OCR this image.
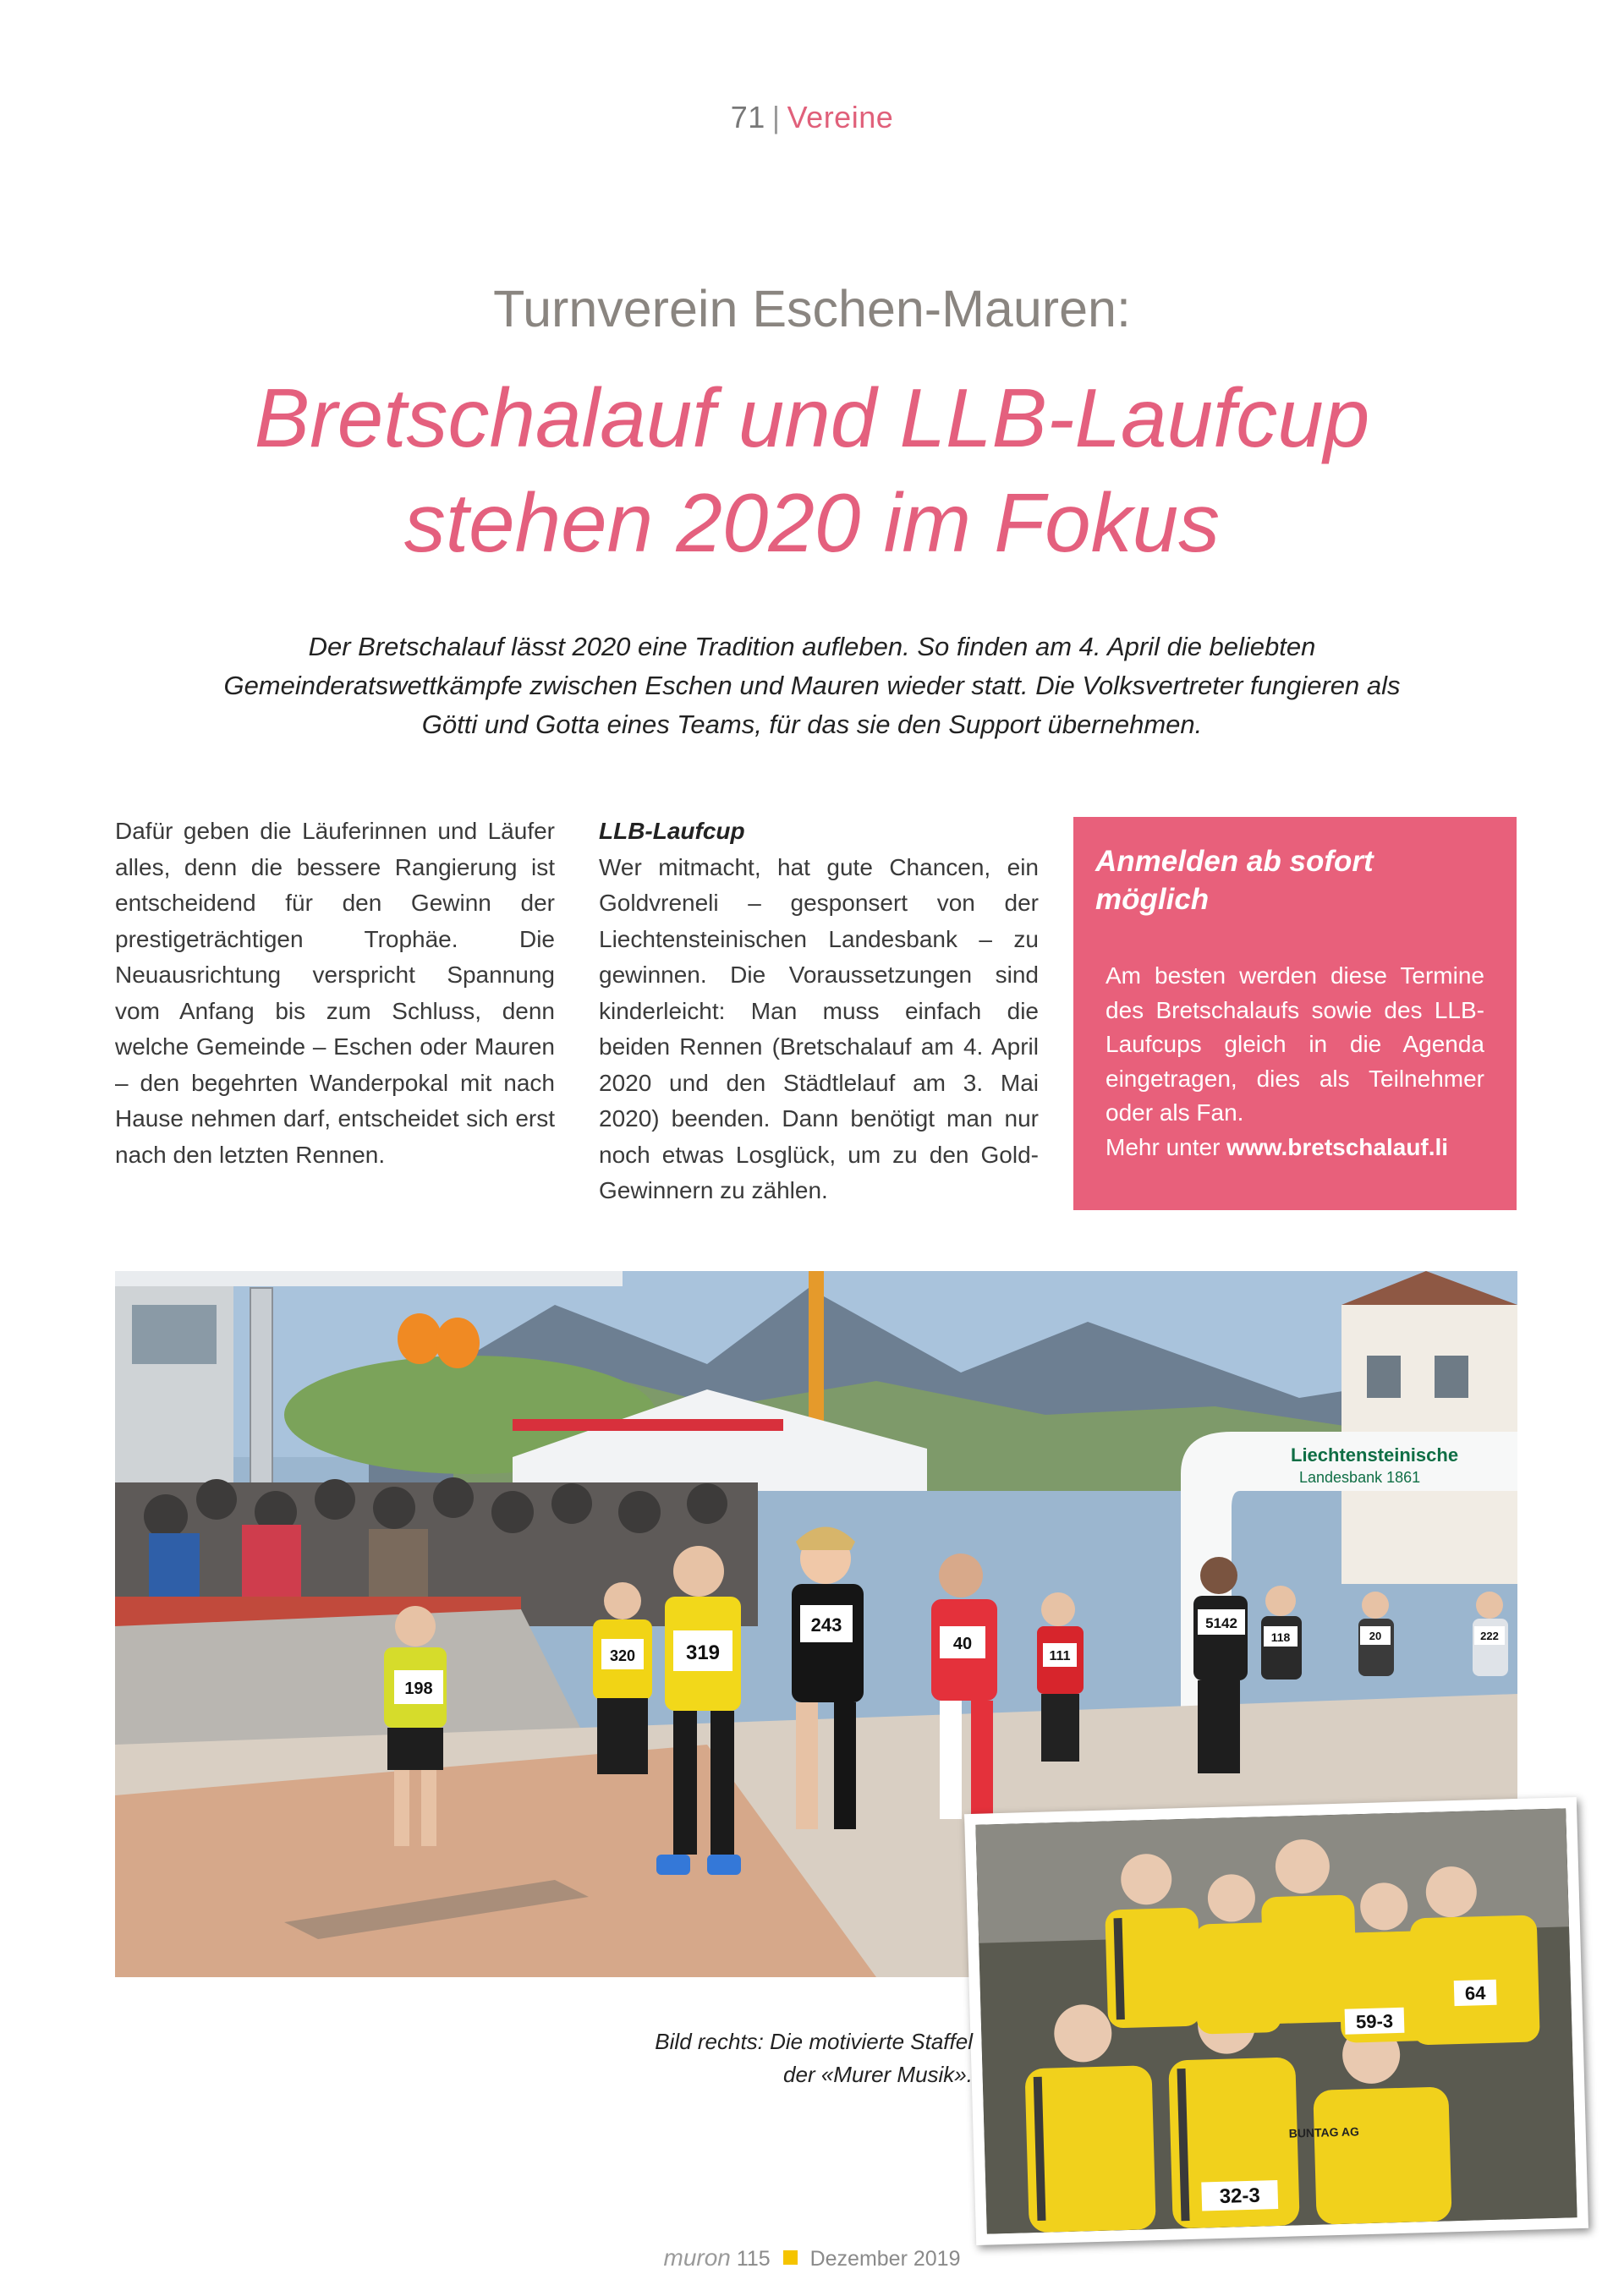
71 | Vereine
Turnverein Eschen-Mauren:
Bretschalauf und LLB-Laufcup
stehen 2020 im Fokus
Der Bretschalauf lässt 2020 eine Tradition aufleben. So finden am 4. April die beliebten Gemeinderatswettkämpfe zwischen Eschen und Mauren wieder statt. Die Volksvertreter fungieren als Götti und Gotta eines Teams, für das sie den Support übernehmen.
Dafür geben die Läuferinnen und Läufer alles, denn die bessere Rangierung ist entscheidend für den Gewinn der prestigeträchtigen Trophäe. Die Neuausrichtung verspricht Spannung vom Anfang bis zum Schluss, denn welche Gemeinde – Eschen oder Mauren – den begehrten Wanderpokal mit nach Hause nehmen darf, entscheidet sich erst nach den letzten Rennen.
LLB-Laufcup
Wer mitmacht, hat gute Chancen, ein Goldvreneli – gesponsert von der Liechtensteinischen Landesbank – zu gewinnen. Die Voraussetzungen sind kinderleicht: Man muss einfach die beiden Rennen (Bretschalauf am 4. April 2020 und den Städtlelauf am 3. Mai 2020) beenden. Dann benötigt man nur noch etwas Losglück, um zu den Gold-Gewinnern zu zählen.
Anmelden ab sofort möglich
Am besten werden diese Termine des Bretschalaufs sowie des LLB-Laufcups gleich in die Agenda eingetragen, dies als Teilnehmer oder als Fan.
Mehr unter www.bretschalauf.li
Liechtensteinische
Landesbank 1861
198
320 319
243
40
111
5142
118	20	222
32-3
59-3
64
BUNTAG AG
Bild rechts: Die motivierte Staffel
der «Murer Musik».
muron 115 Dezember 2019
